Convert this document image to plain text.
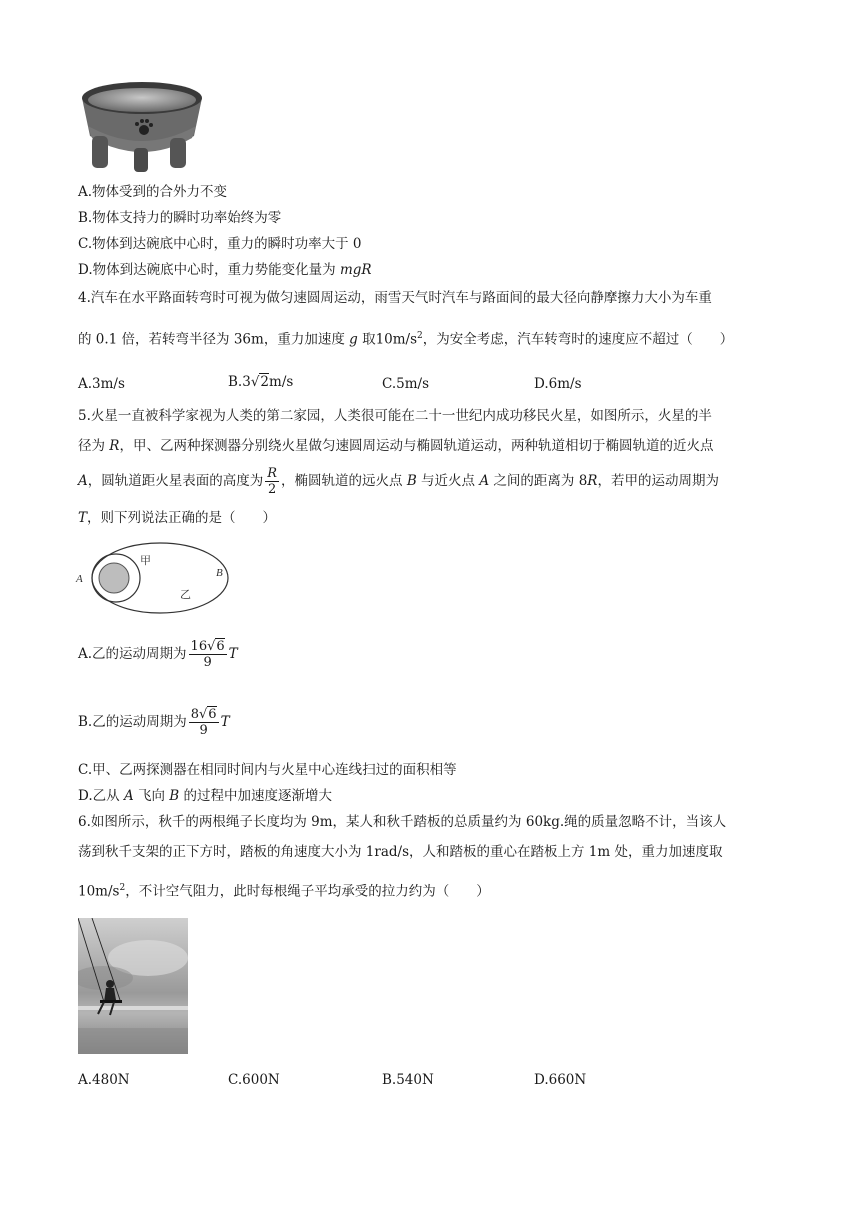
A.物体受到的合外力不变
B.物体支持力的瞬时功率始终为零
C.物体到达碗底中心时，重力的瞬时功率大于 0
D.物体到达碗底中心时，重力势能变化量为 mgR
4.汽车在水平路面转弯时可视为做匀速圆周运动，雨雪天气时汽车与路面间的最大径向静摩擦力大小为车重
的 0.1 倍，若转弯半径为 36m，重力加速度 g 取$10m/s^2$，为安全考虑，汽车转弯时的速度应不超过（　　）
A.3m/s	B.3√2m/s	C.5m/s	D.6m/s
5.火星一直被科学家视为人类的第二家园，人类很可能在二十一世纪内成功移民火星，如图所示，火星的半
径为 R，甲、乙两种探测器分别绕火星做匀速圆周运动与椭圆轨道运动，两种轨道相切于椭圆轨道的近火点
A，圆轨道距火星表面的高度为 $\frac{R}{2}$ ，椭圆轨道的远火点 B 与近火点 A 之间的距离为 8R，若甲的运动周期为
T，则下列说法正确的是（　　）
A
甲
乙
B
A.乙的运动周期为 $\frac{16√6}{9}$ T
B.乙的运动周期为 $\frac{8√6}{9}$ T
C.甲、乙两探测器在相同时间内与火星中心连线扫过的面积相等
D.乙从 A 飞向 B 的过程中加速度逐渐增大
6.如图所示，秋千的两根绳子长度均为 9m，某人和秋千踏板的总质量约为 60kg.绳的质量忽略不计，当该人
荡到秋千支架的正下方时，踏板的角速度大小为 1rad/s，人和踏板的重心在踏板上方 1m 处，重力加速度取
$10m/s^2$，不计空气阻力，此时每根绳子平均承受的拉力约为（　　）
A.480N	C.600N	B.540N	D.660N
